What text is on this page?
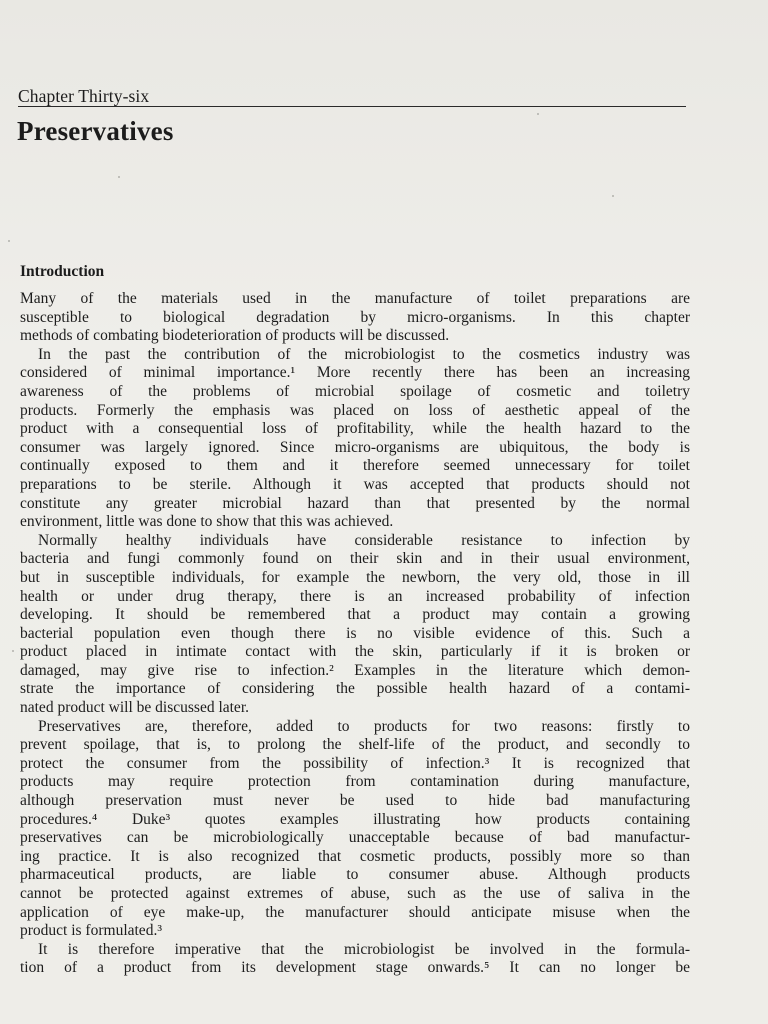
Chapter Thirty-six
Preservatives
Introduction
Many of the materials used in the manufacture of toilet preparations are
susceptible to biological degradation by micro-organisms. In this chapter
methods of combating biodeterioration of products will be discussed.
In the past the contribution of the microbiologist to the cosmetics industry was
considered of minimal importance.¹ More recently there has been an increasing
awareness of the problems of microbial spoilage of cosmetic and toiletry
products. Formerly the emphasis was placed on loss of aesthetic appeal of the
product with a consequential loss of profitability, while the health hazard to the
consumer was largely ignored. Since micro-organisms are ubiquitous, the body is
continually exposed to them and it therefore seemed unnecessary for toilet
preparations to be sterile. Although it was accepted that products should not
constitute any greater microbial hazard than that presented by the normal
environment, little was done to show that this was achieved.
Normally healthy individuals have considerable resistance to infection by
bacteria and fungi commonly found on their skin and in their usual environment,
but in susceptible individuals, for example the newborn, the very old, those in ill
health or under drug therapy, there is an increased probability of infection
developing. It should be remembered that a product may contain a growing
bacterial population even though there is no visible evidence of this. Such a
product placed in intimate contact with the skin, particularly if it is broken or
damaged, may give rise to infection.² Examples in the literature which demon-
strate the importance of considering the possible health hazard of a contami-
nated product will be discussed later.
Preservatives are, therefore, added to products for two reasons: firstly to
prevent spoilage, that is, to prolong the shelf-life of the product, and secondly to
protect the consumer from the possibility of infection.³ It is recognized that
products may require protection from contamination during manufacture,
although preservation must never be used to hide bad manufacturing
procedures.⁴ Duke³ quotes examples illustrating how products containing
preservatives can be microbiologically unacceptable because of bad manufactur-
ing practice. It is also recognized that cosmetic products, possibly more so than
pharmaceutical products, are liable to consumer abuse. Although products
cannot be protected against extremes of abuse, such as the use of saliva in the
application of eye make-up, the manufacturer should anticipate misuse when the
product is formulated.³
It is therefore imperative that the microbiologist be involved in the formula-
tion of a product from its development stage onwards.⁵ It can no longer be
